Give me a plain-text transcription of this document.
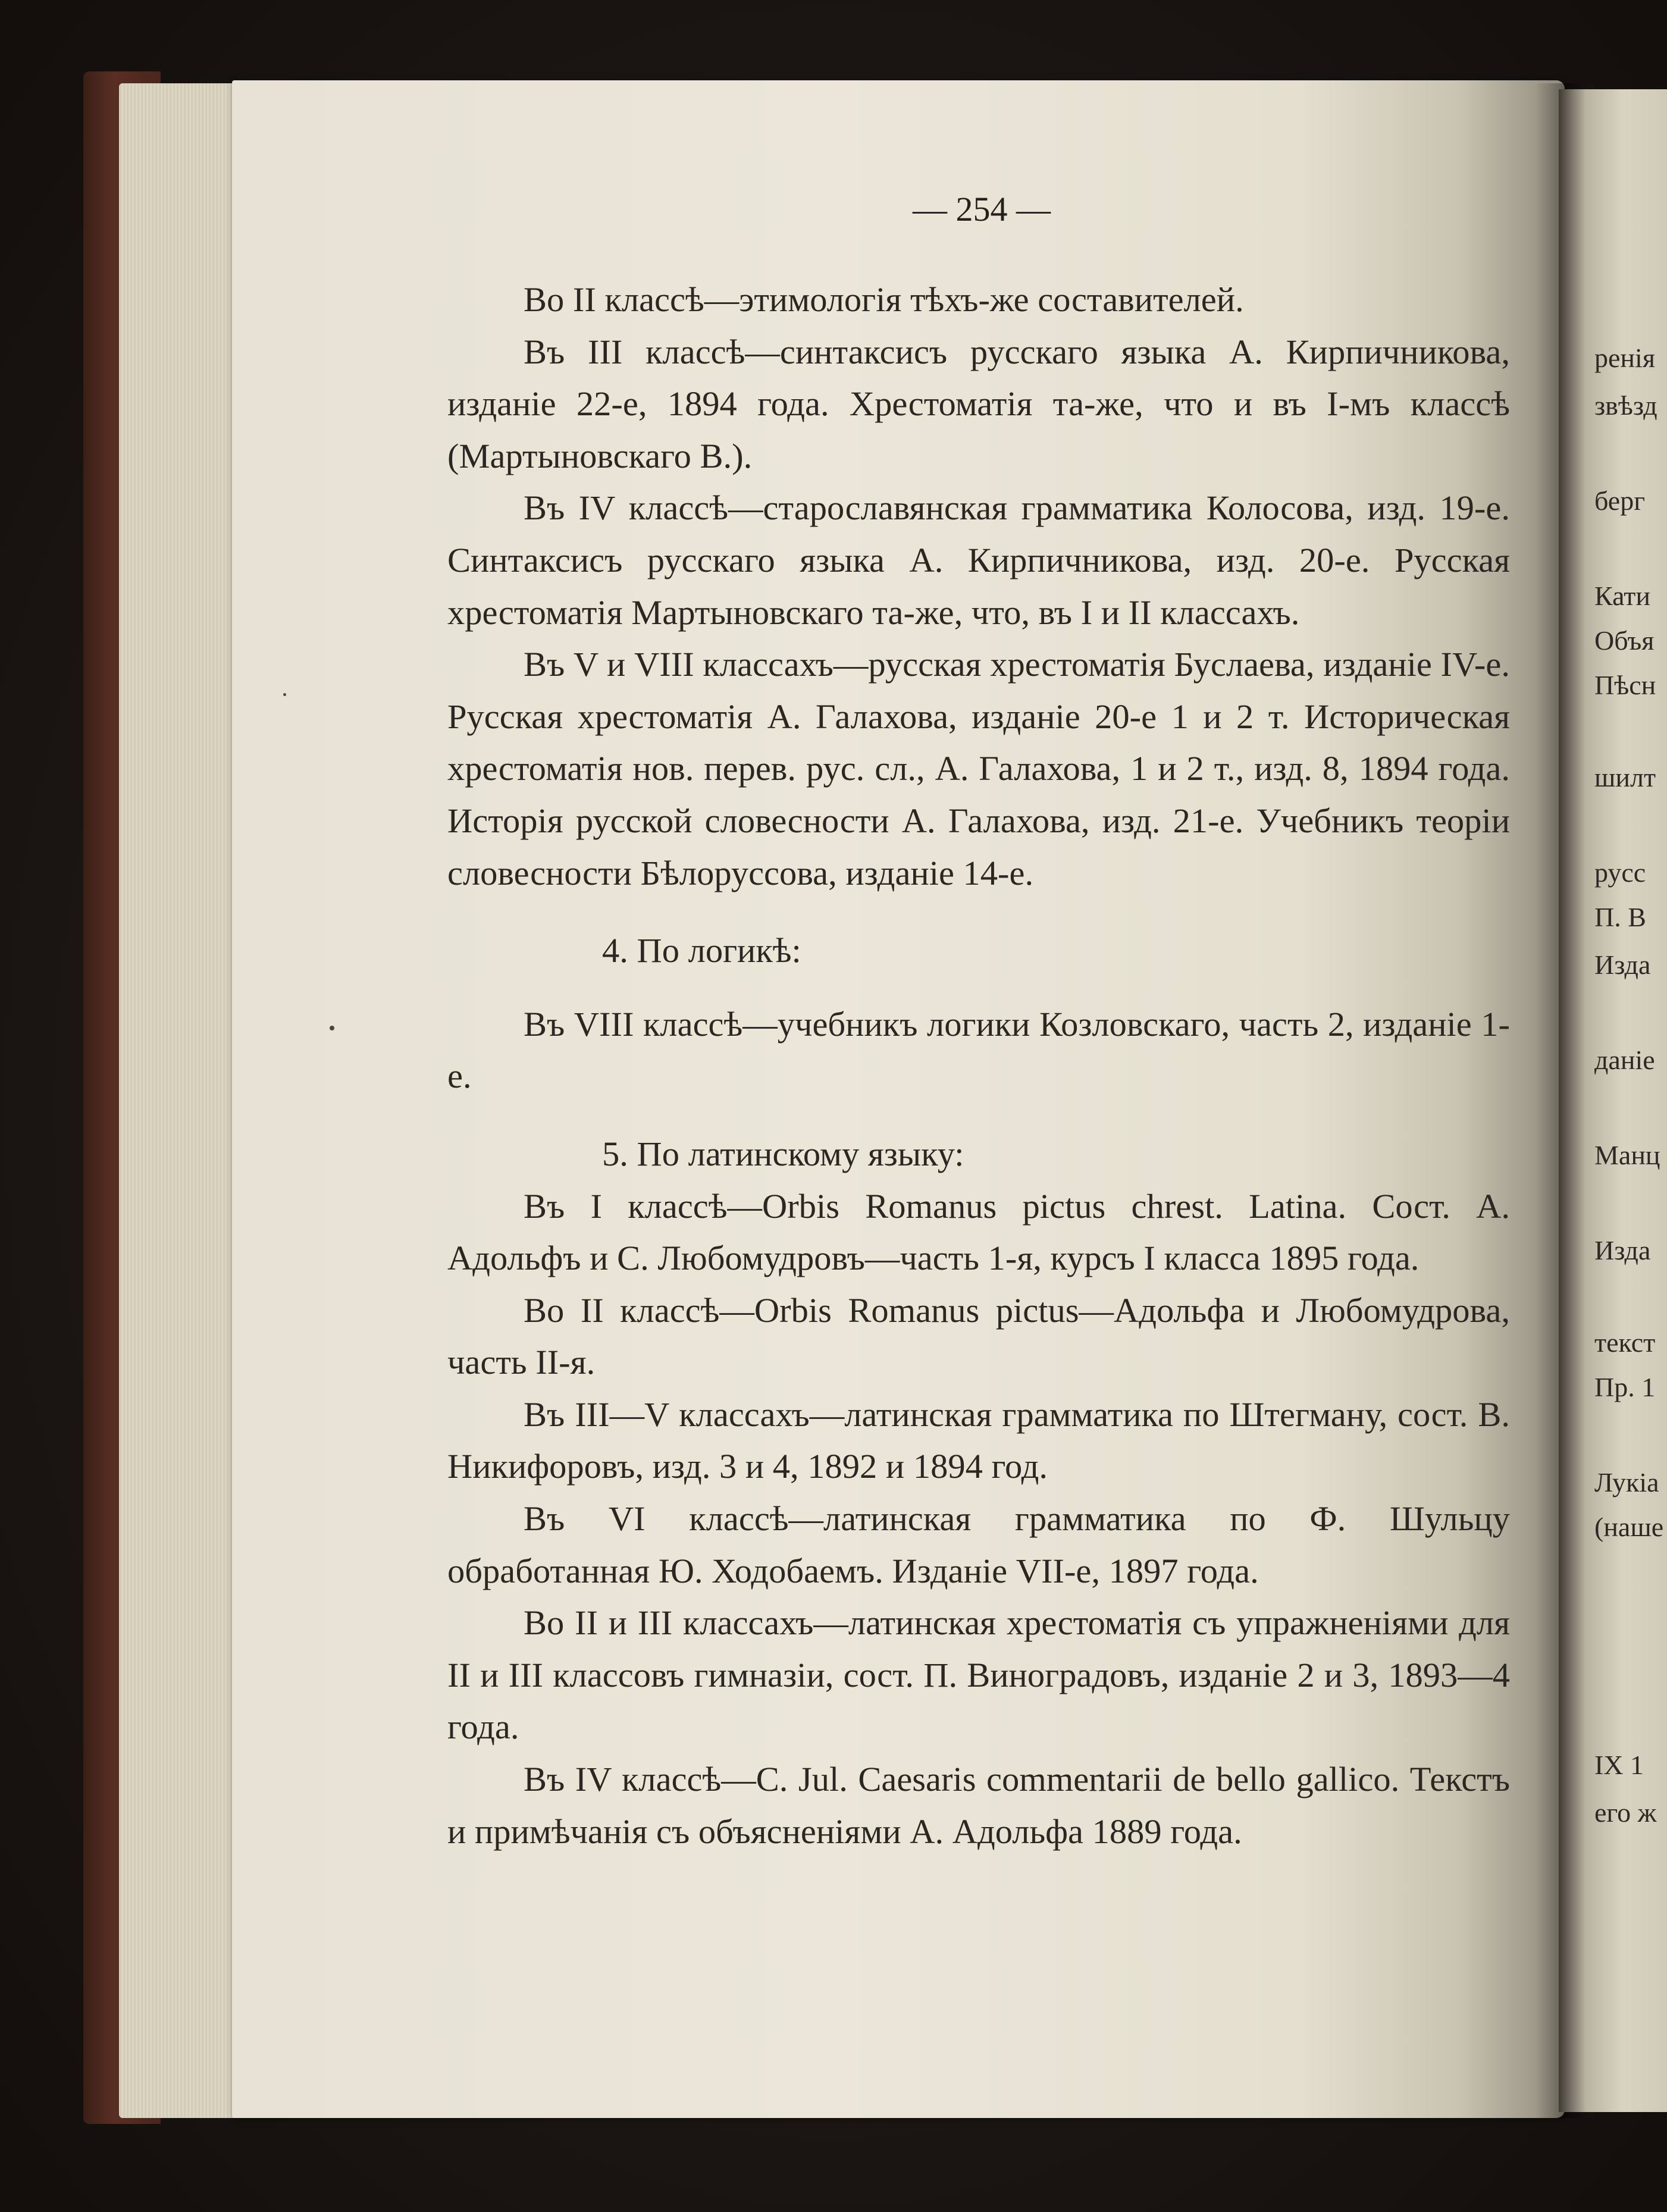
— 254 —

Во II классѣ—этимологія тѣхъ-же составителей.

Въ III классѣ—синтаксисъ русскаго языка А. Кирпичникова, изданіе 22-е, 1894 года. Хрестоматія та-же, что и въ I-мъ классѣ (Мартыновскаго В.).

Въ IV классѣ—старославянская грамматика Колосова, изд. 19-е. Синтаксисъ русскаго языка А. Кирпичникова, изд. 20-е. Русская хрестоматія Мартыновскаго та-же, что, въ I и II классахъ.

Въ V и VIII классахъ—русская хрестоматія Буслаева, изданіе IV-е. Русская хрестоматія А. Галахова, изданіе 20-е 1 и 2 т. Историческая хрестоматія нов. перев. рус. сл., А. Галахова, 1 и 2 т., изд. 8, 1894 года. Исторія русской словесности А. Галахова, изд. 21-е. Учебникъ теоріи словесности Бѣлоруссова, изданіе 14-е.

4. По логикѣ:

Въ VIII классѣ—учебникъ логики Козловскаго, часть 2, изданіе 1-е.

5. По латинскому языку:

Въ I классѣ—Orbis Romanus pictus chrest. Latina. Сост. А. Адольфъ и С. Любомудровъ—часть 1-я, курсъ I класса 1895 года.

Во II классѣ—Orbis Romanus pictus—Адольфа и Любомудрова, часть II-я.

Въ III—V классахъ—латинская грамматика по Штегману, сост. В. Никифоровъ, изд. 3 и 4, 1892 и 1894 год.

Въ VI классѣ—латинская грамматика по Ф. Шульцу обработанная Ю. Ходобаемъ. Изданіе VII-е, 1897 года.

Во II и III классахъ—латинская хрестоматія съ упражненіями для II и III классовъ гимназіи, сост. П. Виноградовъ, изданіе 2 и 3, 1893—4 года.

Въ IV классѣ—C. Jul. Caesaris commentarii de bello gallico. Текстъ и примѣчанія съ объясненіями А. Адольфа 1889 года.

ренія
звѣзд
берг
Кати
Объя
Пѣсн
шилт
русс
П. В
Изда
даніе
Манц
Изда
текст
Пр. 1
Лукіа
(наше
IX 1
его ж
